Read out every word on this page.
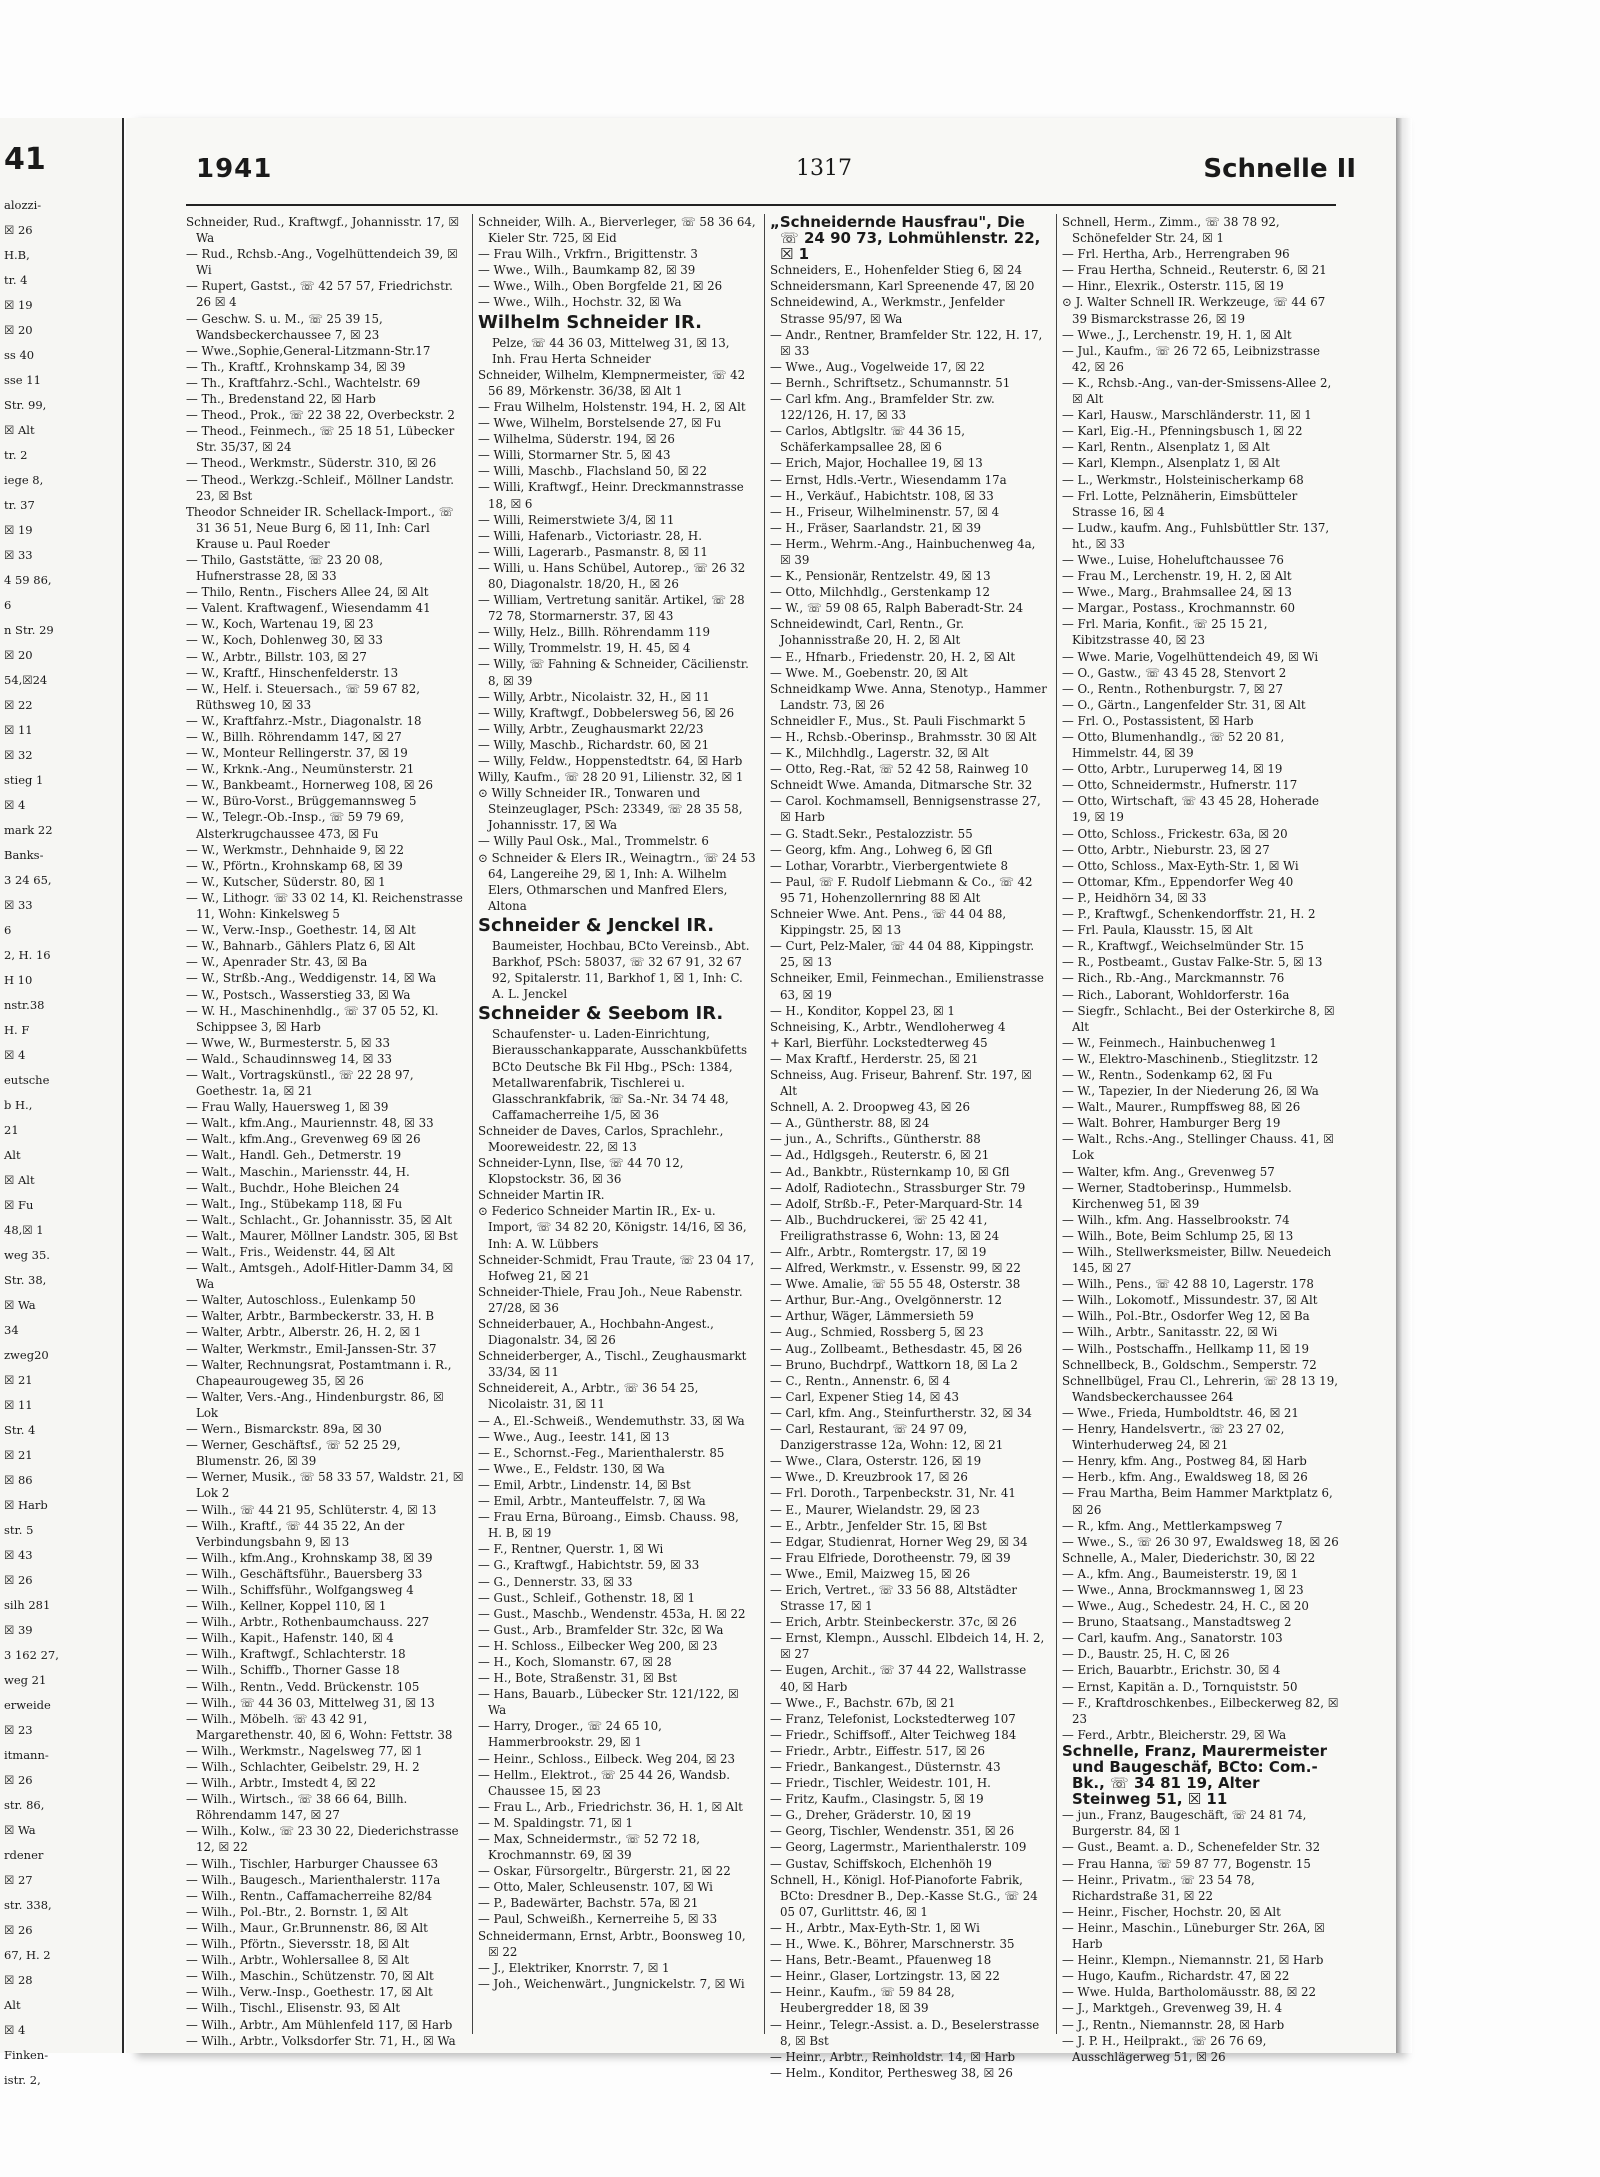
41
alozzi-
☒ 26
H.B,
tr. 4
☒ 19
☒ 20
ss 40
sse 11
Str. 99,
☒ Alt
tr. 2
iege 8,
tr. 37
☒ 19
☒ 33
4 59 86,
6
n Str. 29
☒ 20
54,☒24
☒ 22
☒ 11
☒ 32
stieg 1
☒ 4
mark 22
Banks-
3 24 65,
☒ 33
6
2, H. 16
H 10
nstr.38
H. F
☒ 4
eutsche
b H.,
21
Alt
☒ Alt
☒ Fu
48,☒ 1
weg 35.
Str. 38,
☒ Wa
34
zweg20
☒ 21
☒ 11
Str. 4
☒ 21
☒ 86
☒ Harb
str. 5
☒ 43
☒ 26
silh 281
☒ 39
3 162 27,
weg 21
erweide
☒ 23
itmann-
☒ 26
str. 86,
☒ Wa
rdener
☒ 27
str. 338,
☒ 26
67, H. 2
☒ 28
Alt
☒ 4
Finken-
istr. 2,
1941	1317	Schnelle II

Schneider, Rud., Kraftwgf., Johannisstr. 17, ☒ Wa

— Rud., Rchsb.-Ang., Vogelhüttendeich 39, ☒ Wi

— Rupert, Gastst., ☏ 42 57 57, Friedrichstr. 26 ☒ 4

— Geschw. S. u. M., ☏ 25 39 15, Wandsbeckerchaussee 7, ☒ 23

— Wwe.,Sophie,General-Litzmann-Str.17

— Th., Kraftf., Krohnskamp 34, ☒ 39

— Th., Kraftfahrz.-Schl., Wachtelstr. 69

— Th., Bredenstand 22, ☒ Harb

— Theod., Prok., ☏ 22 38 22, Overbeckstr. 2

— Theod., Feinmech., ☏ 25 18 51, Lübecker Str. 35/37, ☒ 24

— Theod., Werkmstr., Süderstr. 310, ☒ 26

— Theod., Werkzg.-Schleif., Möllner Landstr. 23, ☒ Bst

Theodor Schneider IR. Schellack-Import., ☏ 31 36 51, Neue Burg 6, ☒ 11, Inh: Carl Krause u. Paul Roeder

— Thilo, Gaststätte, ☏ 23 20 08, Hufnerstrasse 28, ☒ 33

— Thilo, Rentn., Fischers Allee 24, ☒ Alt

— Valent. Kraftwagenf., Wiesendamm 41

— W., Koch, Wartenau 19, ☒ 23

— W., Koch, Dohlenweg 30, ☒ 33

— W., Arbtr., Billstr. 103, ☒ 27

— W., Kraftf., Hinschenfelderstr. 13

— W., Helf. i. Steuersach., ☏ 59 67 82, Rüthsweg 10, ☒ 33

— W., Kraftfahrz.-Mstr., Diagonalstr. 18

— W., Billh. Röhrendamm 147, ☒ 27

— W., Monteur Rellingerstr. 37, ☒ 19

— W., Krknk.-Ang., Neumünsterstr. 21

— W., Bankbeamt., Hornerweg 108, ☒ 26

— W., Büro-Vorst., Brüggemannsweg 5

— W., Telegr.-Ob.-Insp., ☏ 59 79 69, Alsterkrugchaussee 473, ☒ Fu

— W., Werkmstr., Dehnhaide 9, ☒ 22

— W., Pförtn., Krohnskamp 68, ☒ 39

— W., Kutscher, Süderstr. 80, ☒ 1

— W., Lithogr. ☏ 33 02 14, Kl. Reichenstrasse 11, Wohn: Kinkelsweg 5

— W., Verw.-Insp., Goethestr. 14, ☒ Alt

— W., Bahnarb., Gählers Platz 6, ☒ Alt

— W., Apenrader Str. 43, ☒ Ba

— W., Strßb.-Ang., Weddigenstr. 14, ☒ Wa

— W., Postsch., Wasserstieg 33, ☒ Wa

— W. H., Maschinenhdlg., ☏ 37 05 52, Kl. Schippsee 3, ☒ Harb

— Wwe, W., Burmesterstr. 5, ☒ 33

— Wald., Schaudinnsweg 14, ☒ 33

— Walt., Vortragskünstl., ☏ 22 28 97, Goethestr. 1a, ☒ 21

— Frau Wally, Hauersweg 1, ☒ 39

— Walt., kfm.Ang., Mauriennstr. 48, ☒ 33

— Walt., kfm.Ang., Grevenweg 69 ☒ 26

— Walt., Handl. Geh., Detmerstr. 19

— Walt., Maschin., Mariensstr. 44, H.

— Walt., Buchdr., Hohe Bleichen 24

— Walt., Ing., Stübekamp 118, ☒ Fu

— Walt., Schlacht., Gr. Johannisstr. 35, ☒ Alt

— Walt., Maurer, Möllner Landstr. 305, ☒ Bst

— Walt., Fris., Weidenstr. 44, ☒ Alt

— Walt., Amtsgeh., Adolf-Hitler-Damm 34, ☒ Wa

— Walter, Autoschloss., Eulenkamp 50

— Walter, Arbtr., Barmbeckerstr. 33, H. B

— Walter, Arbtr., Alberstr. 26, H. 2, ☒ 1

— Walter, Werkmstr., Emil-Janssen-Str. 37

— Walter, Rechnungsrat, Postamtmann i. R., Chapeaurougeweg 35, ☒ 26

— Walter, Vers.-Ang., Hindenburgstr. 86, ☒ Lok

— Wern., Bismarckstr. 89a, ☒ 30

— Werner, Geschäftsf., ☏ 52 25 29, Blumenstr. 26, ☒ 39

— Werner, Musik., ☏ 58 33 57, Waldstr. 21, ☒ Lok 2

— Wilh., ☏ 44 21 95, Schlüterstr. 4, ☒ 13

— Wilh., Kraftf., ☏ 44 35 22, An der Verbindungsbahn 9, ☒ 13

— Wilh., kfm.Ang., Krohnskamp 38, ☒ 39

— Wilh., Geschäftsführ., Bauersberg 33

— Wilh., Schiffsführ., Wolfgangsweg 4

— Wilh., Kellner, Koppel 110, ☒ 1

— Wilh., Arbtr., Rothenbaumchauss. 227

— Wilh., Kapit., Hafenstr. 140, ☒ 4

— Wilh., Kraftwgf., Schlachterstr. 18

— Wilh., Schiffb., Thorner Gasse 18

— Wilh., Rentn., Vedd. Brückenstr. 105

— Wilh., ☏ 44 36 03, Mittelweg 31, ☒ 13

— Wilh., Möbelh. ☏ 43 42 91, Margarethenstr. 40, ☒ 6, Wohn: Fettstr. 38

— Wilh., Werkmstr., Nagelsweg 77, ☒ 1

— Wilh., Schlachter, Geibelstr. 29, H. 2

— Wilh., Arbtr., Imstedt 4, ☒ 22

— Wilh., Wirtsch., ☏ 38 66 64, Billh. Röhrendamm 147, ☒ 27

— Wilh., Kolw., ☏ 23 30 22, Diederichstrasse 12, ☒ 22

— Wilh., Tischler, Harburger Chaussee 63

— Wilh., Baugesch., Marienthalerstr. 117a

— Wilh., Rentn., Caffamacherreihe 82/84

— Wilh., Pol.-Btr., 2. Bornstr. 1, ☒ Alt

— Wilh., Maur., Gr.Brunnenstr. 86, ☒ Alt

— Wilh., Pförtn., Sieversstr. 18, ☒ Alt

— Wilh., Arbtr., Wohlersallee 8, ☒ Alt

— Wilh., Maschin., Schützenstr. 70, ☒ Alt

— Wilh., Verw.-Insp., Goethestr. 17, ☒ Alt

— Wilh., Tischl., Elisenstr. 93, ☒ Alt

— Wilh., Arbtr., Am Mühlenfeld 117, ☒ Harb

— Wilh., Arbtr., Volksdorfer Str. 71, H., ☒ Wa

Schneider, Wilh. A., Bierverleger, ☏ 58 36 64, Kieler Str. 725, ☒ Eid

— Frau Wilh., Vrkfrn., Brigittenstr. 3

— Wwe., Wilh., Baumkamp 82, ☒ 39

— Wwe., Wilh., Oben Borgfelde 21, ☒ 26

— Wwe., Wilh., Hochstr. 32, ☒ Wa

Wilhelm Schneider IR.

Pelze, ☏ 44 36 03, Mittelweg 31, ☒ 13, Inh. Frau Herta Schneider

Schneider, Wilhelm, Klempnermeister, ☏ 42 56 89, Mörkenstr. 36/38, ☒ Alt 1

— Frau Wilhelm, Holstenstr. 194, H. 2, ☒ Alt

— Wwe, Wilhelm, Borstelsende 27, ☒ Fu

— Wilhelma, Süderstr. 194, ☒ 26

— Willi, Stormarner Str. 5, ☒ 43

— Willi, Maschb., Flachsland 50, ☒ 22

— Willi, Kraftwgf., Heinr. Dreckmannstrasse 18, ☒ 6

— Willi, Reimerstwiete 3/4, ☒ 11

— Willi, Hafenarb., Victoriastr. 28, H.

— Willi, Lagerarb., Pasmanstr. 8, ☒ 11

— Willi, u. Hans Schübel, Autorep., ☏ 26 32 80, Diagonalstr. 18/20, H., ☒ 26

— William, Vertretung sanitär. Artikel, ☏ 28 72 78, Stormarnerstr. 37, ☒ 43

— Willy, Helz., Billh. Röhrendamm 119

— Willy, Trommelstr. 19, H. 45, ☒ 4

— Willy, ☏ Fahning & Schneider, Cäcilienstr. 8, ☒ 39

— Willy, Arbtr., Nicolaistr. 32, H., ☒ 11

— Willy, Kraftwgf., Dobbelersweg 56, ☒ 26

— Willy, Arbtr., Zeughausmarkt 22/23

— Willy, Maschb., Richardstr. 60, ☒ 21

— Willy, Feldw., Hoppenstedtstr. 64, ☒ Harb

Willy, Kaufm., ☏ 28 20 91, Lilienstr. 32, ☒ 1

⊙ Willy Schneider IR., Tonwaren und Steinzeuglager, PSch: 23349, ☏ 28 35 58, Johannisstr. 17, ☒ Wa

— Willy Paul Osk., Mal., Trommelstr. 6

⊙ Schneider & Elers IR., Weinagtrn., ☏ 24 53 64, Langereihe 29, ☒ 1, Inh: A. Wilhelm Elers, Othmarschen und Manfred Elers, Altona

Schneider & Jenckel IR.

Baumeister, Hochbau, BCto Vereinsb., Abt. Barkhof, PSch: 58037, ☏ 32 67 91, 32 67 92, Spitalerstr. 11, Barkhof 1, ☒ 1, Inh: C. A. L. Jenckel

Schneider & Seebom IR.

Schaufenster- u. Laden-Einrichtung, Bierausschankapparate, Ausschankbüfetts BCto Deutsche Bk Fil Hbg., PSch: 1384, Metallwarenfabrik, Tischlerei u. Glasschrankfabrik, ☏ Sa.-Nr. 34 74 48, Caffamacherreihe 1/5, ☒ 36

Schneider de Daves, Carlos, Sprachlehr., Mooreweidestr. 22, ☒ 13

Schneider-Lynn, Ilse, ☏ 44 70 12, Klopstockstr. 36, ☒ 36

Schneider Martin IR.

⊙ Federico Schneider Martin IR., Ex- u. Import, ☏ 34 82 20, Königstr. 14/16, ☒ 36, Inh: A. W. Lübbers

Schneider-Schmidt, Frau Traute, ☏ 23 04 17, Hofweg 21, ☒ 21

Schneider-Thiele, Frau Joh., Neue Rabenstr. 27/28, ☒ 36

Schneiderbauer, A., Hochbahn-Angest., Diagonalstr. 34, ☒ 26

Schneiderberger, A., Tischl., Zeughausmarkt 33/34, ☒ 11

Schneidereit, A., Arbtr., ☏ 36 54 25, Nicolaistr. 31, ☒ 11

— A., El.-Schweiß., Wendemuthstr. 33, ☒ Wa

— Wwe., Aug., Ieestr. 141, ☒ 13

— E., Schornst.-Feg., Marienthalerstr. 85

— Wwe., E., Feldstr. 130, ☒ Wa

— Emil, Arbtr., Lindenstr. 14, ☒ Bst

— Emil, Arbtr., Manteuffelstr. 7, ☒ Wa

— Frau Erna, Büroang., Eimsb. Chauss. 98, H. B, ☒ 19

— F., Rentner, Querstr. 1, ☒ Wi

— G., Kraftwgf., Habichtstr. 59, ☒ 33

— G., Dennerstr. 33, ☒ 33

— Gust., Schleif., Gothenstr. 18, ☒ 1

— Gust., Maschb., Wendenstr. 453a, H. ☒ 22

— Gust., Arb., Bramfelder Str. 32c, ☒ Wa

— H. Schloss., Eilbecker Weg 200, ☒ 23

— H., Koch, Slomanstr. 67, ☒ 28

— H., Bote, Straßenstr. 31, ☒ Bst

— Hans, Bauarb., Lübecker Str. 121/122, ☒ Wa

— Harry, Droger., ☏ 24 65 10, Hammerbrookstr. 29, ☒ 1

— Heinr., Schloss., Eilbeck. Weg 204, ☒ 23

— Hellm., Elektrot., ☏ 25 44 26, Wandsb. Chaussee 15, ☒ 23

— Frau L., Arb., Friedrichstr. 36, H. 1, ☒ Alt

— M. Spaldingstr. 71, ☒ 1

— Max, Schneidermstr., ☏ 52 72 18, Krochmannstr. 69, ☒ 39

— Oskar, Fürsorgeltr., Bürgerstr. 21, ☒ 22

— Otto, Maler, Schleusenstr. 107, ☒ Wi

— P., Badewärter, Bachstr. 57a, ☒ 21

— Paul, Schweißh., Kernerreihe 5, ☒ 33

Schneidermann, Ernst, Arbtr., Boonsweg 10, ☒ 22

— J., Elektriker, Knorrstr. 7, ☒ 1

— Joh., Weichenwärt., Jungnickelstr. 7, ☒ Wi

„Schneidernde Hausfrau", Die ☏ 24 90 73, Lohmühlenstr. 22, ☒ 1

Schneiders, E., Hohenfelder Stieg 6, ☒ 24

Schneidersmann, Karl Spreenende 47, ☒ 20

Schneidewind, A., Werkmstr., Jenfelder Strasse 95/97, ☒ Wa

— Andr., Rentner, Bramfelder Str. 122, H. 17, ☒ 33

— Wwe., Aug., Vogelweide 17, ☒ 22

— Bernh., Schriftsetz., Schumannstr. 51

— Carl kfm. Ang., Bramfelder Str. zw. 122/126, H. 17, ☒ 33

— Carlos, Abtlgsltr. ☏ 44 36 15, Schäferkampsallee 28, ☒ 6

— Erich, Major, Hochallee 19, ☒ 13

— Ernst, Hdls.-Vertr., Wiesendamm 17a

— H., Verkäuf., Habichtstr. 108, ☒ 33

— H., Friseur, Wilhelminenstr. 57, ☒ 4

— H., Fräser, Saarlandstr. 21, ☒ 39

— Herm., Wehrm.-Ang., Hainbuchenweg 4a, ☒ 39

— K., Pensionär, Rentzelstr. 49, ☒ 13

— Otto, Milchhdlg., Gerstenkamp 12

— W., ☏ 59 08 65, Ralph Baberadt-Str. 24

Schneidewindt, Carl, Rentn., Gr. Johannisstraße 20, H. 2, ☒ Alt

— E., Hfnarb., Friedenstr. 20, H. 2, ☒ Alt

— Wwe. M., Goebenstr. 20, ☒ Alt

Schneidkamp Wwe. Anna, Stenotyp., Hammer Landstr. 73, ☒ 26

Schneidler F., Mus., St. Pauli Fischmarkt 5

— H., Rchsb.-Oberinsp., Brahmsstr. 30 ☒ Alt

— K., Milchhdlg., Lagerstr. 32, ☒ Alt

— Otto, Reg.-Rat, ☏ 52 42 58, Rainweg 10

Schneidt Wwe. Amanda, Ditmarsche Str. 32

— Carol. Kochmamsell, Bennigsenstrasse 27, ☒ Harb

— G. Stadt.Sekr., Pestalozzistr. 55

— Georg, kfm. Ang., Lohweg 6, ☒ Gfl

— Lothar, Vorarbtr., Vierbergentwiete 8

— Paul, ☏ F. Rudolf Liebmann & Co., ☏ 42 95 71, Hohenzollernring 88 ☒ Alt

Schneier Wwe. Ant. Pens., ☏ 44 04 88, Kippingstr. 25, ☒ 13

— Curt, Pelz-Maler, ☏ 44 04 88, Kippingstr. 25, ☒ 13

Schneiker, Emil, Feinmechan., Emilienstrasse 63, ☒ 19

— H., Konditor, Koppel 23, ☒ 1

Schneising, K., Arbtr., Wendloherweg 4

+ Karl, Bierführ. Lockstedterweg 45

— Max Kraftf., Herderstr. 25, ☒ 21

Schneiss, Aug. Friseur, Bahrenf. Str. 197, ☒ Alt

Schnell, A. 2. Droopweg 43, ☒ 26

— A., Güntherstr. 88, ☒ 24

— jun., A., Schrifts., Güntherstr. 88

— Ad., Hdlgsgeh., Reuterstr. 6, ☒ 21

— Ad., Bankbtr., Rüsternkamp 10, ☒ Gfl

— Adolf, Radiotechn., Strassburger Str. 79

— Adolf, Strßb.-F., Peter-Marquard-Str. 14

— Alb., Buchdruckerei, ☏ 25 42 41, Freiligrathstrasse 6, Wohn: 13, ☒ 24

— Alfr., Arbtr., Romtergstr. 17, ☒ 19

— Alfred, Werkmstr., v. Essenstr. 99, ☒ 22

— Wwe. Amalie, ☏ 55 55 48, Osterstr. 38

— Arthur, Bur.-Ang., Ovelgönnerstr. 12

— Arthur, Wäger, Lämmersieth 59

— Aug., Schmied, Rossberg 5, ☒ 23

— Aug., Zollbeamt., Bethesdastr. 45, ☒ 26

— Bruno, Buchdrpf., Wattkorn 18, ☒ La 2

— C., Rentn., Annenstr. 6, ☒ 4

— Carl, Expener Stieg 14, ☒ 43

— Carl, kfm. Ang., Steinfurtherstr. 32, ☒ 34

— Carl, Restaurant, ☏ 24 97 09, Danzigerstrasse 12a, Wohn: 12, ☒ 21

— Wwe., Clara, Osterstr. 126, ☒ 19

— Wwe., D. Kreuzbrook 17, ☒ 26

— Frl. Doroth., Tarpenbeckstr. 31, Nr. 41

— E., Maurer, Wielandstr. 29, ☒ 23

— E., Arbtr., Jenfelder Str. 15, ☒ Bst

— Edgar, Studienrat, Horner Weg 29, ☒ 34

— Frau Elfriede, Dorotheenstr. 79, ☒ 39

— Wwe., Emil, Maizweg 15, ☒ 26

— Erich, Vertret., ☏ 33 56 88, Altstädter Strasse 17, ☒ 1

— Erich, Arbtr. Steinbeckerstr. 37c, ☒ 26

— Ernst, Klempn., Ausschl. Elbdeich 14, H. 2, ☒ 27

— Eugen, Archit., ☏ 37 44 22, Wallstrasse 40, ☒ Harb

— Wwe., F., Bachstr. 67b, ☒ 21

— Franz, Telefonist, Lockstedterweg 107

— Friedr., Schiffsoff., Alter Teichweg 184

— Friedr., Arbtr., Eiffestr. 517, ☒ 26

— Friedr., Bankangest., Düsternstr. 43

— Friedr., Tischler, Weidestr. 101, H.

— Fritz, Kaufm., Clasingstr. 5, ☒ 19

— G., Dreher, Gräderstr. 10, ☒ 19

— Georg, Tischler, Wendenstr. 351, ☒ 26

— Georg, Lagermstr., Marienthalerstr. 109

— Gustav, Schiffskoch, Elchenhöh 19

Schnell, H., Königl. Hof-Pianoforte Fabrik, BCto: Dresdner B., Dep.-Kasse St.G., ☏ 24 05 07, Gurlittstr. 46, ☒ 1

— H., Arbtr., Max-Eyth-Str. 1, ☒ Wi

— H., Wwe. K., Böhrer, Marschnerstr. 35

— Hans, Betr.-Beamt., Pfauenweg 18

— Heinr., Glaser, Lortzingstr. 13, ☒ 22

— Heinr., Kaufm., ☏ 59 84 28, Heubergredder 18, ☒ 39

— Heinr., Telegr.-Assist. a. D., Beselerstrasse 8, ☒ Bst

— Heinr., Arbtr., Reinholdstr. 14, ☒ Harb

— Helm., Konditor, Perthesweg 38, ☒ 26

Schnell, Herm., Zimm., ☏ 38 78 92, Schönefelder Str. 24, ☒ 1

— Frl. Hertha, Arb., Herrengraben 96

— Frau Hertha, Schneid., Reuterstr. 6, ☒ 21

— Hinr., Elexrik., Osterstr. 115, ☒ 19

⊙ J. Walter Schnell IR. Werkzeuge, ☏ 44 67 39 Bismarckstrasse 26, ☒ 19

— Wwe., J., Lerchenstr. 19, H. 1, ☒ Alt

— Jul., Kaufm., ☏ 26 72 65, Leibnizstrasse 42, ☒ 26

— K., Rchsb.-Ang., van-der-Smissens-Allee 2, ☒ Alt

— Karl, Hausw., Marschländerstr. 11, ☒ 1

— Karl, Eig.-H., Pfenningsbusch 1, ☒ 22

— Karl, Rentn., Alsenplatz 1, ☒ Alt

— Karl, Klempn., Alsenplatz 1, ☒ Alt

— L., Werkmstr., Holsteinischerkamp 68

— Frl. Lotte, Pelznäherin, Eimsbütteler Strasse 16, ☒ 4

— Ludw., kaufm. Ang., Fuhlsbüttler Str. 137, ht., ☒ 33

— Wwe., Luise, Hoheluftchaussee 76

— Frau M., Lerchenstr. 19, H. 2, ☒ Alt

— Wwe., Marg., Brahmsallee 24, ☒ 13

— Margar., Postass., Krochmannstr. 60

— Frl. Maria, Konfit., ☏ 25 15 21, Kibitzstrasse 40, ☒ 23

— Wwe. Marie, Vogelhüttendeich 49, ☒ Wi

— O., Gastw., ☏ 43 45 28, Stenvort 2

— O., Rentn., Rothenburgstr. 7, ☒ 27

— O., Gärtn., Langenfelder Str. 31, ☒ Alt

— Frl. O., Postassistent, ☒ Harb

— Otto, Blumenhandlg., ☏ 52 20 81, Himmelstr. 44, ☒ 39

— Otto, Arbtr., Luruperweg 14, ☒ 19

— Otto, Schneidermstr., Hufnerstr. 117

— Otto, Wirtschaft, ☏ 43 45 28, Hoherade 19, ☒ 19

— Otto, Schloss., Frickestr. 63a, ☒ 20

— Otto, Arbtr., Nieburstr. 23, ☒ 27

— Otto, Schloss., Max-Eyth-Str. 1, ☒ Wi

— Ottomar, Kfm., Eppendorfer Weg 40

— P., Heidhörn 34, ☒ 33

— P., Kraftwgf., Schenkendorffstr. 21, H. 2

— Frl. Paula, Klausstr. 15, ☒ Alt

— R., Kraftwgf., Weichselmünder Str. 15

— R., Postbeamt., Gustav Falke-Str. 5, ☒ 13

— Rich., Rb.-Ang., Marckmannstr. 76

— Rich., Laborant, Wohldorferstr. 16a

— Siegfr., Schlacht., Bei der Osterkirche 8, ☒ Alt

— W., Feinmech., Hainbuchenweg 1

— W., Elektro-Maschinenb., Stieglitzstr. 12

— W., Rentn., Sodenkamp 62, ☒ Fu

— W., Tapezier, In der Niederung 26, ☒ Wa

— Walt., Maurer., Rumpffsweg 88, ☒ 26

— Walt. Bohrer, Hamburger Berg 19

— Walt., Rchs.-Ang., Stellinger Chauss. 41, ☒ Lok

— Walter, kfm. Ang., Grevenweg 57

— Werner, Stadtoberinsp., Hummelsb. Kirchenweg 51, ☒ 39

— Wilh., kfm. Ang. Hasselbrookstr. 74

— Wilh., Bote, Beim Schlump 25, ☒ 13

— Wilh., Stellwerksmeister, Billw. Neuedeich 145, ☒ 27

— Wilh., Pens., ☏ 42 88 10, Lagerstr. 178

— Wilh., Lokomotf., Missundestr. 37, ☒ Alt

— Wilh., Pol.-Btr., Osdorfer Weg 12, ☒ Ba

— Wilh., Arbtr., Sanitasstr. 22, ☒ Wi

— Wilh., Postschaffn., Hellkamp 11, ☒ 19

Schnellbeck, B., Goldschm., Semperstr. 72

Schnellbügel, Frau Cl., Lehrerin, ☏ 28 13 19, Wandsbeckerchaussee 264

— Wwe., Frieda, Humboldtstr. 46, ☒ 21

— Henry, Handelsvertr., ☏ 23 27 02, Winterhuderweg 24, ☒ 21

— Henry, kfm. Ang., Postweg 84, ☒ Harb

— Herb., kfm. Ang., Ewaldsweg 18, ☒ 26

— Frau Martha, Beim Hammer Marktplatz 6, ☒ 26

— R., kfm. Ang., Mettlerkampsweg 7

— Wwe., S., ☏ 26 30 97, Ewaldsweg 18, ☒ 26

Schnelle, A., Maler, Diederichstr. 30, ☒ 22

— A., kfm. Ang., Baumeisterstr. 19, ☒ 1

— Wwe., Anna, Brockmannsweg 1, ☒ 23

— Wwe., Aug., Schedestr. 24, H. C., ☒ 20

— Bruno, Staatsang., Manstadtsweg 2

— Carl, kaufm. Ang., Sanatorstr. 103

— D., Baustr. 25, H. C, ☒ 26

— Erich, Bauarbtr., Erichstr. 30, ☒ 4

— Ernst, Kapitän a. D., Tornquiststr. 50

— F., Kraftdroschkenbes., Eilbeckerweg 82, ☒ 23

— Ferd., Arbtr., Bleicherstr. 29, ☒ Wa

Schnelle, Franz, Maurermeister und Baugeschäf, BCto: Com.-Bk., ☏ 34 81 19, Alter Steinweg 51, ☒ 11

— jun., Franz, Baugeschäft, ☏ 24 81 74, Burgerstr. 84, ☒ 1

— Gust., Beamt. a. D., Schenefelder Str. 32

— Frau Hanna, ☏ 59 87 77, Bogenstr. 15

— Heinr., Privatm., ☏ 23 54 78, Richardstraße 31, ☒ 22

— Heinr., Fischer, Hochstr. 20, ☒ Alt

— Heinr., Maschin., Lüneburger Str. 26A, ☒ Harb

— Heinr., Klempn., Niemannstr. 21, ☒ Harb

— Hugo, Kaufm., Richardstr. 47, ☒ 22

— Wwe. Hulda, Bartholomäusstr. 88, ☒ 22

— J., Marktgeh., Grevenweg 39, H. 4

— J., Rentn., Niemannstr. 28, ☒ Harb

— J. P. H., Heilprakt., ☏ 26 76 69, Ausschlägerweg 51, ☒ 26
